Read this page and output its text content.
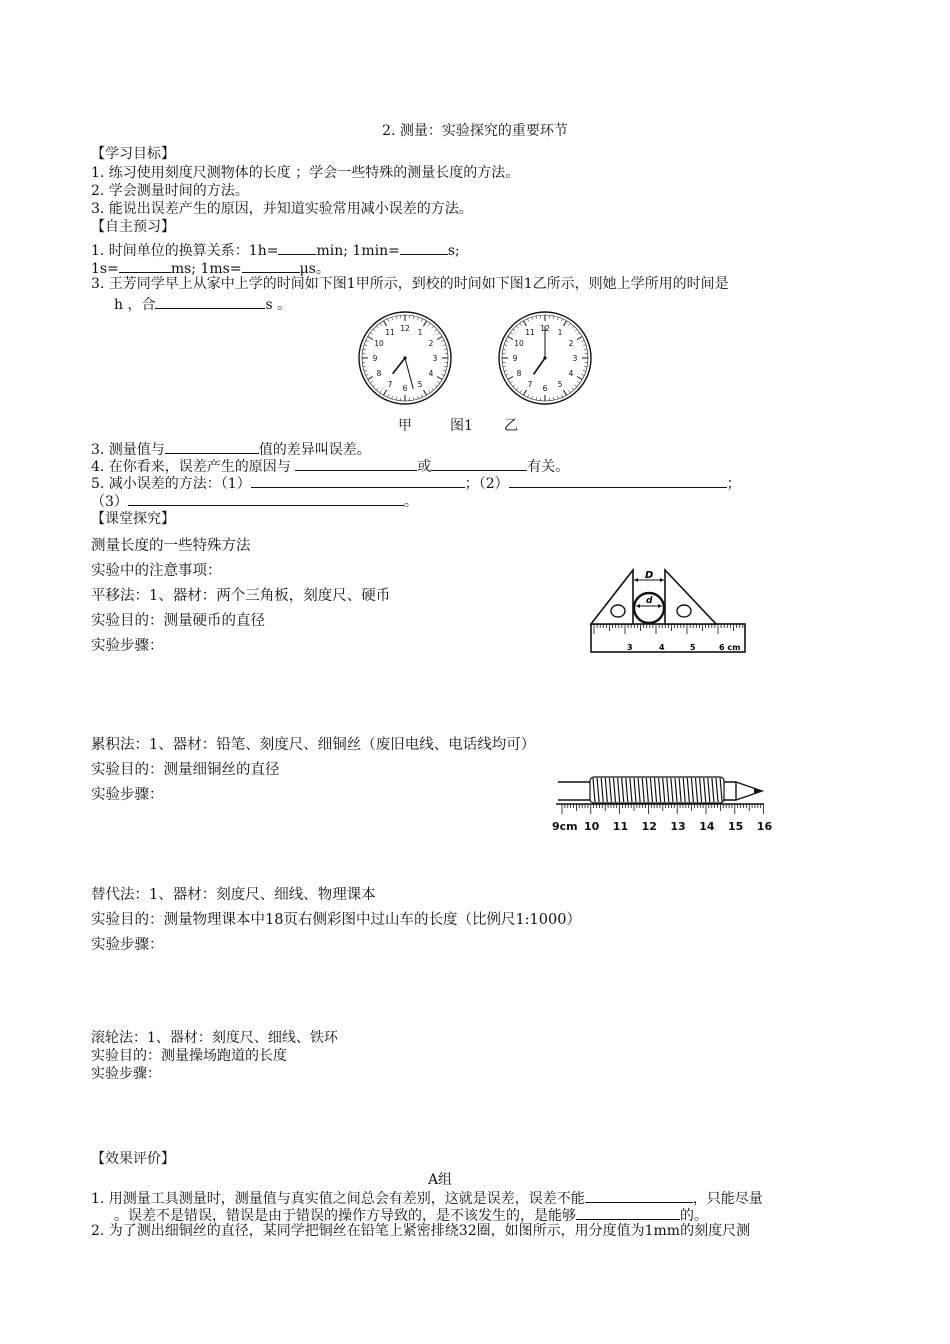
2. 测量：实验探究的重要环节
【学习目标】
1. 练习使用刻度尺测物体的长度 ；学会一些特殊的测量长度的方法。
2. 学会测量时间的方法。
3. 能说出误差产生的原因，并知道实验常用减小误差的方法。
【自主预习】
1. 时间单位的换算关系：1h=	min; 1min=	s;
1s=	ms; 1ms=	μs。
3. 王芳同学早上从家中上学的时间如下图1甲所示，到校的时间如下图1乙所示，则她上学所用的时间是
h ，合	s 。
12 1
2
3
4
5
6
7
8
9
10
11	12 1
2
3
4
5
6
7
8
9
10
11
甲	图1 乙
3. 测量值与	值的差异叫误差。
4. 在你看来，误差产生的原因与	或	有关。
5. 减小误差的方法：（1）	；（2）	；
（3）	。
【课堂探究】
测量长度的一些特殊方法
实验中的注意事项：
平移法：1、器材：两个三角板，刻度尺、硬币
实验目的：测量硬币的直径
实验步骤：
D
d
3	4	5	6 cm
累积法：1、器材：铅笔、刻度尺、细铜丝（废旧电线、电话线均可）
实验目的：测量细铜丝的直径
实验步骤：
9cm 10 11 12 13 14 15 16
替代法：1、器材：刻度尺、细线、物理课本
实验目的：测量物理课本中18页右侧彩图中过山车的长度（比例尺1:1000）
实验步骤：
滚轮法：1、器材：刻度尺、细线、铁环
实验目的：测量操场跑道的长度
实验步骤：
【效果评价】
A组
1. 用测量工具测量时，测量值与真实值之间总会有差别，这就是误差，误差不能	，只能尽量
。误差不是错误，错误是由于错误的操作方导致的，是不该发生的，是能够	的。
2. 为了测出细铜丝的直径，某同学把铜丝在铅笔上紧密排绕32圈，如图所示，用分度值为1mm的刻度尺测
